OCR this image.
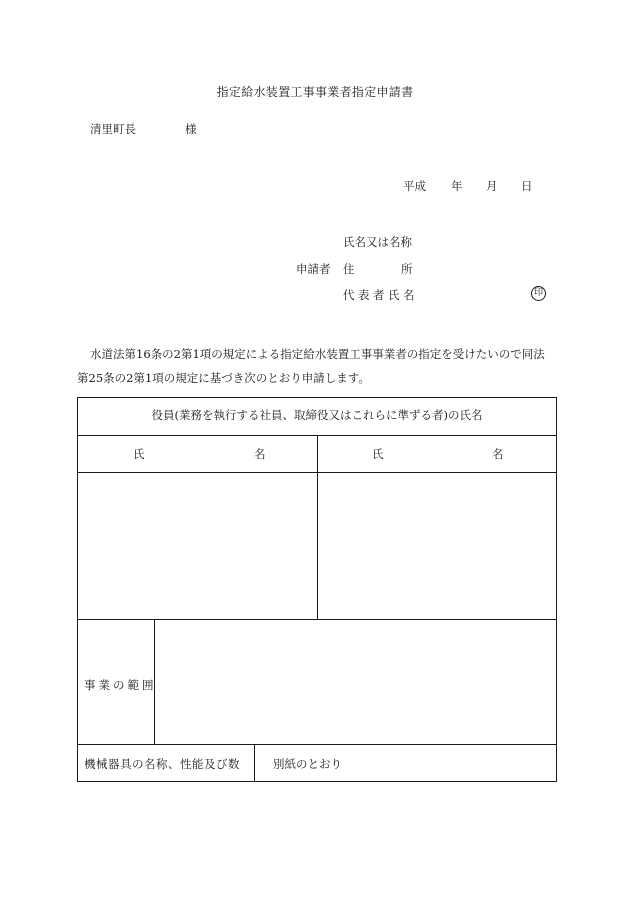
指定給水装置工事事業者指定申請書
清里町長	様
平成 年 月 日
氏名又は名称
申請者 住	所
代表者氏名	印
水道法第16条の2第1項の規定による指定給水装置工事事業者の指定を受けたいので同法
第25条の2第1項の規定に基づき次のとおり申請します。
役員(業務を執行する社員、取締役又はこれらに準ずる者)の氏名
氏	名	氏	名
事業の範囲
機械器具の名称、性能及び数	別紙のとおり
